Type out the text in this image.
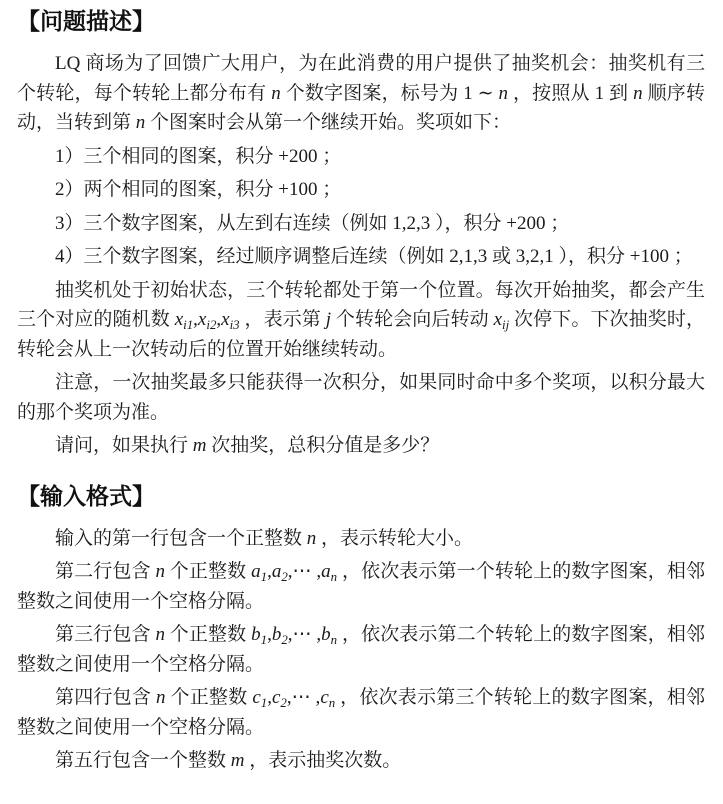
【问题描述】

LQ 商场为了回馈广大用户，为在此消费的用户提供了抽奖机会：抽奖机有三个转轮，每个转轮上都分布有 n 个数字图案，标号为 1 ∼ n ，按照从 1 到 n 顺序转动，当转到第 n 个图案时会从第一个继续开始。奖项如下：

1）三个相同的图案，积分 +200 ；

2）两个相同的图案，积分 +100 ；

3）三个数字图案，从左到右连续（例如 1,2,3 ），积分 +200 ；

4）三个数字图案，经过顺序调整后连续（例如 2,1,3 或 3,2,1 ），积分 +100 ；

抽奖机处于初始状态，三个转轮都处于第一个位置。每次开始抽奖，都会产生三个对应的随机数 $x_{i1},x_{i2},x_{i3}$ ，表示第 j 个转轮会向后转动 $x_{ij}$ 次停下。下次抽奖时，转轮会从上一次转动后的位置开始继续转动。

注意，一次抽奖最多只能获得一次积分，如果同时命中多个奖项，以积分最大的那个奖项为准。

请问，如果执行 m 次抽奖，总积分值是多少？

【输入格式】

输入的第一行包含一个正整数 n ，表示转轮大小。

第二行包含 n 个正整数 $a_1,a_2,\cdots$ $,a_n$ ，依次表示第一个转轮上的数字图案，相邻整数之间使用一个空格分隔。

第三行包含 n 个正整数 $b_1,b_2,\cdots$ $,b_n$ ，依次表示第二个转轮上的数字图案，相邻整数之间使用一个空格分隔。

第四行包含 n 个正整数 $c_1,c_2,\cdots$ $,c_n$ ，依次表示第三个转轮上的数字图案，相邻整数之间使用一个空格分隔。

第五行包含一个整数 m ，表示抽奖次数。
